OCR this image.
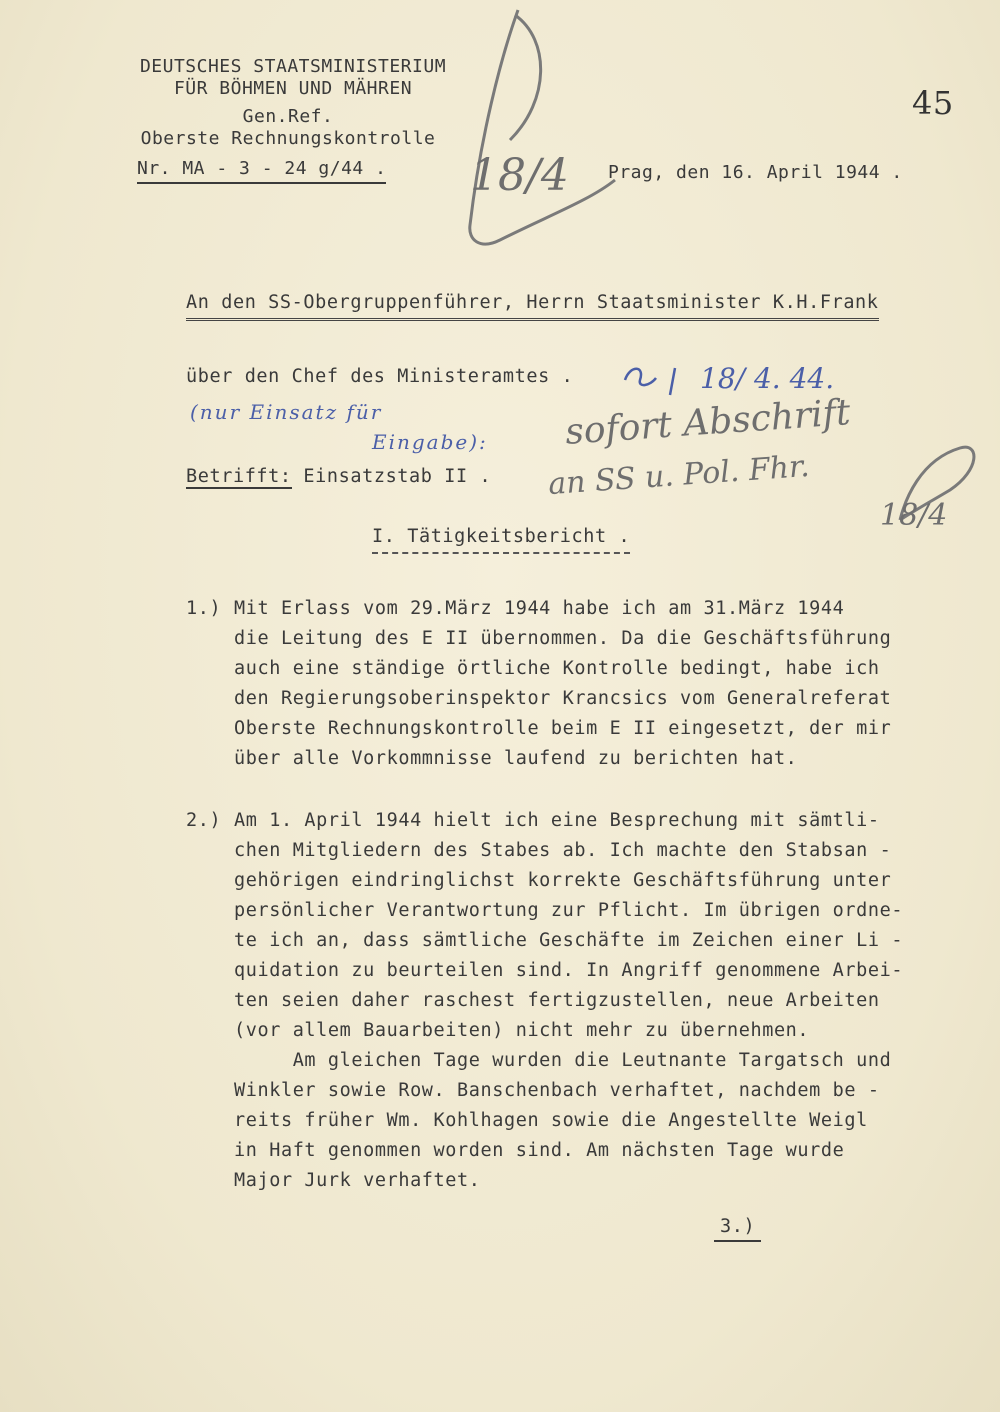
DEUTSCHES STAATSMINISTERIUM
FÜR BÖHMEN UND MÄHREN
Gen.Ref.
Oberste Rechnungskontrolle
Nr. MA - 3 - 24 g/44 .
45
Prag, den 16. April 1944 .
18/4
An den SS-Obergruppenführer, Herrn Staatsminister K.H.Frank
über den Chef des Ministeramtes .	18/ 4. 44.
(nur Einsatz für
Eingabe): sofort Abschrift
an SS u. Pol. Fhr.
18/4
Betrifft: Einsatzstab II .
I. Tätigkeitsbericht .
1.) Mit Erlass vom 29.März 1944 habe ich am 31.März 1944
die Leitung des E II übernommen. Da die Geschäftsführung
auch eine ständige örtliche Kontrolle bedingt, habe ich
den Regierungsoberinspektor Krancsics vom Generalreferat
Oberste Rechnungskontrolle beim E II eingesetzt, der mir
über alle Vorkommnisse laufend zu berichten hat.
2.) Am 1. April 1944 hielt ich eine Besprechung mit sämtli-
chen Mitgliedern des Stabes ab. Ich machte den Stabsan -
gehörigen eindringlichst korrekte Geschäftsführung unter
persönlicher Verantwortung zur Pflicht. Im übrigen ordne-
te ich an, dass sämtliche Geschäfte im Zeichen einer Li -
quidation zu beurteilen sind. In Angriff genommene Arbei-
ten seien daher raschest fertigzustellen, neue Arbeiten
(vor allem Bauarbeiten) nicht mehr zu übernehmen.
Am gleichen Tage wurden die Leutnante Targatsch und
Winkler sowie Row. Banschenbach verhaftet, nachdem be -
reits früher Wm. Kohlhagen sowie die Angestellte Weigl
in Haft genommen worden sind. Am nächsten Tage wurde
Major Jurk verhaftet.
3.)
